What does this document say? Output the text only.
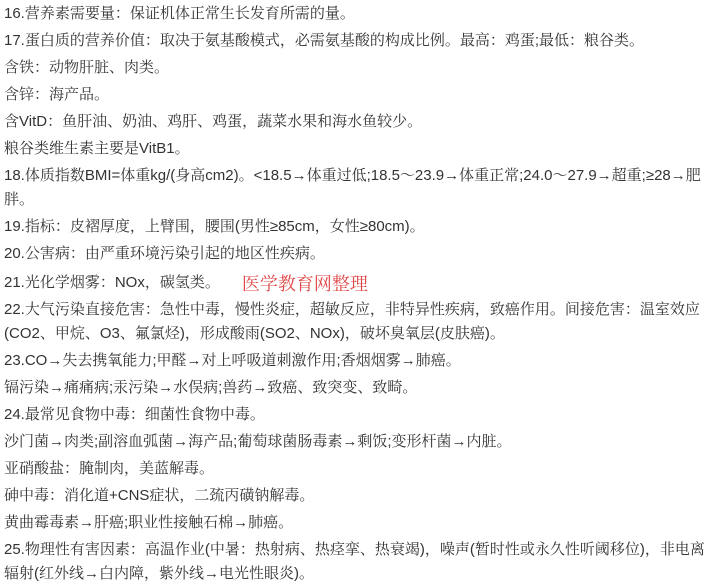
16.营养素需要量：保证机体正常生长发育所需的量。

17.蛋白质的营养价值：取决于氨基酸模式，必需氨基酸的构成比例。最高：鸡蛋;最低：粮谷类。

含铁：动物肝脏、肉类。

含锌：海产品。

含VitD：鱼肝油、奶油、鸡肝、鸡蛋，蔬菜水果和海水鱼较少。

粮谷类维生素主要是VitB1。

18.体质指数BMI=体重kg/(身高cm2)。<18.5→体重过低;18.5～23.9→体重正常;24.0～27.9→超重;≥28→肥胖。

19.指标：皮褶厚度，上臂围，腰围(男性≥85cm，女性≥80cm)。

20.公害病：由严重环境污染引起的地区性疾病。

21.光化学烟雾：NOx，碳氢类。 医学教育网整理

22.大气污染直接危害：急性中毒，慢性炎症，超敏反应，非特异性疾病，致癌作用。间接危害：温室效应(CO2、甲烷、O3、氟氯烃)，形成酸雨(SO2、NOx)，破坏臭氧层(皮肤癌)。

23.CO→失去携氧能力;甲醛→对上呼吸道刺激作用;香烟烟雾→肺癌。

镉污染→痛痛病;汞污染→水俣病;兽药→致癌、致突变、致畸。

24.最常见食物中毒：细菌性食物中毒。

沙门菌→肉类;副溶血弧菌→海产品;葡萄球菌肠毒素→剩饭;变形杆菌→内脏。

亚硝酸盐：腌制肉，美蓝解毒。

砷中毒：消化道+CNS症状，二巯丙磺钠解毒。

黄曲霉毒素→肝癌;职业性接触石棉→肺癌。

25.物理性有害因素：高温作业(中暑：热射病、热痉挛、热衰竭)，噪声(暂时性或永久性听阈移位)，非电离辐射(红外线→白内障，紫外线→电光性眼炎)。
